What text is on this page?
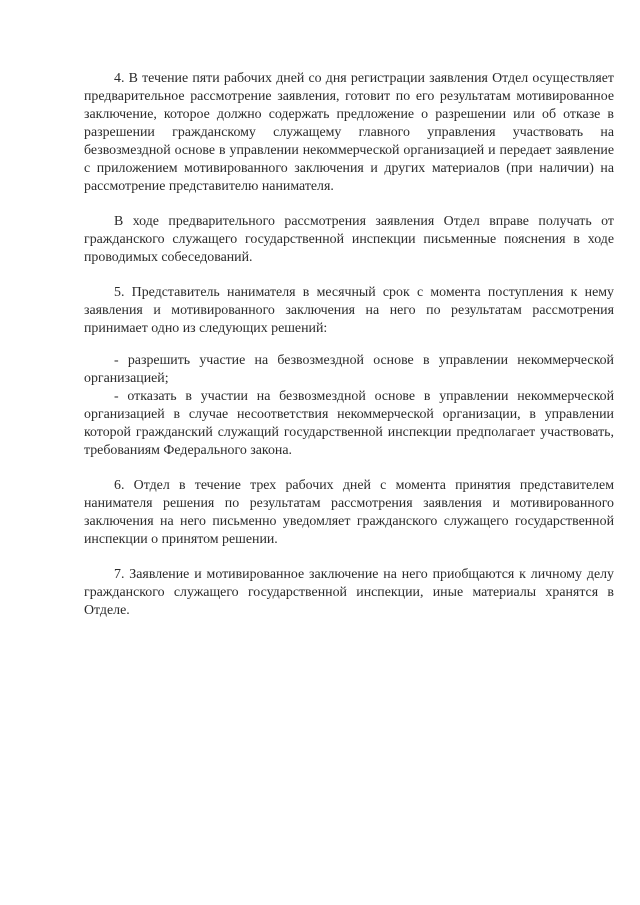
4. В течение пяти рабочих дней со дня регистрации заявления Отдел осуществляет предварительное рассмотрение заявления, готовит по его результатам мотивированное заключение, которое должно содержать предложение о разрешении или об отказе в разрешении гражданскому служащему главного управления участвовать на безвозмездной основе в управлении некоммерческой организацией и передает заявление с приложением мотивированного заключения и других материалов (при наличии) на рассмотрение представителю нанимателя.

В ходе предварительного рассмотрения заявления Отдел вправе получать от гражданского служащего государственной инспекции письменные пояснения в ходе проводимых собеседований.

5. Представитель нанимателя в месячный срок с момента поступления к нему заявления и мотивированного заключения на него по результатам рассмотрения принимает одно из следующих решений:

- разрешить участие на безвозмездной основе в управлении некоммерческой организацией;

- отказать в участии на безвозмездной основе в управлении некоммерческой организацией в случае несоответствия некоммерческой организации, в управлении которой гражданский служащий государственной инспекции предполагает участвовать, требованиям Федерального закона.

6. Отдел в течение трех рабочих дней с момента принятия представителем нанимателя решения по результатам рассмотрения заявления и мотивированного заключения на него письменно уведомляет гражданского служащего государственной инспекции о принятом решении.

7. Заявление и мотивированное заключение на него приобщаются к личному делу гражданского служащего государственной инспекции, иные материалы хранятся в Отделе.
